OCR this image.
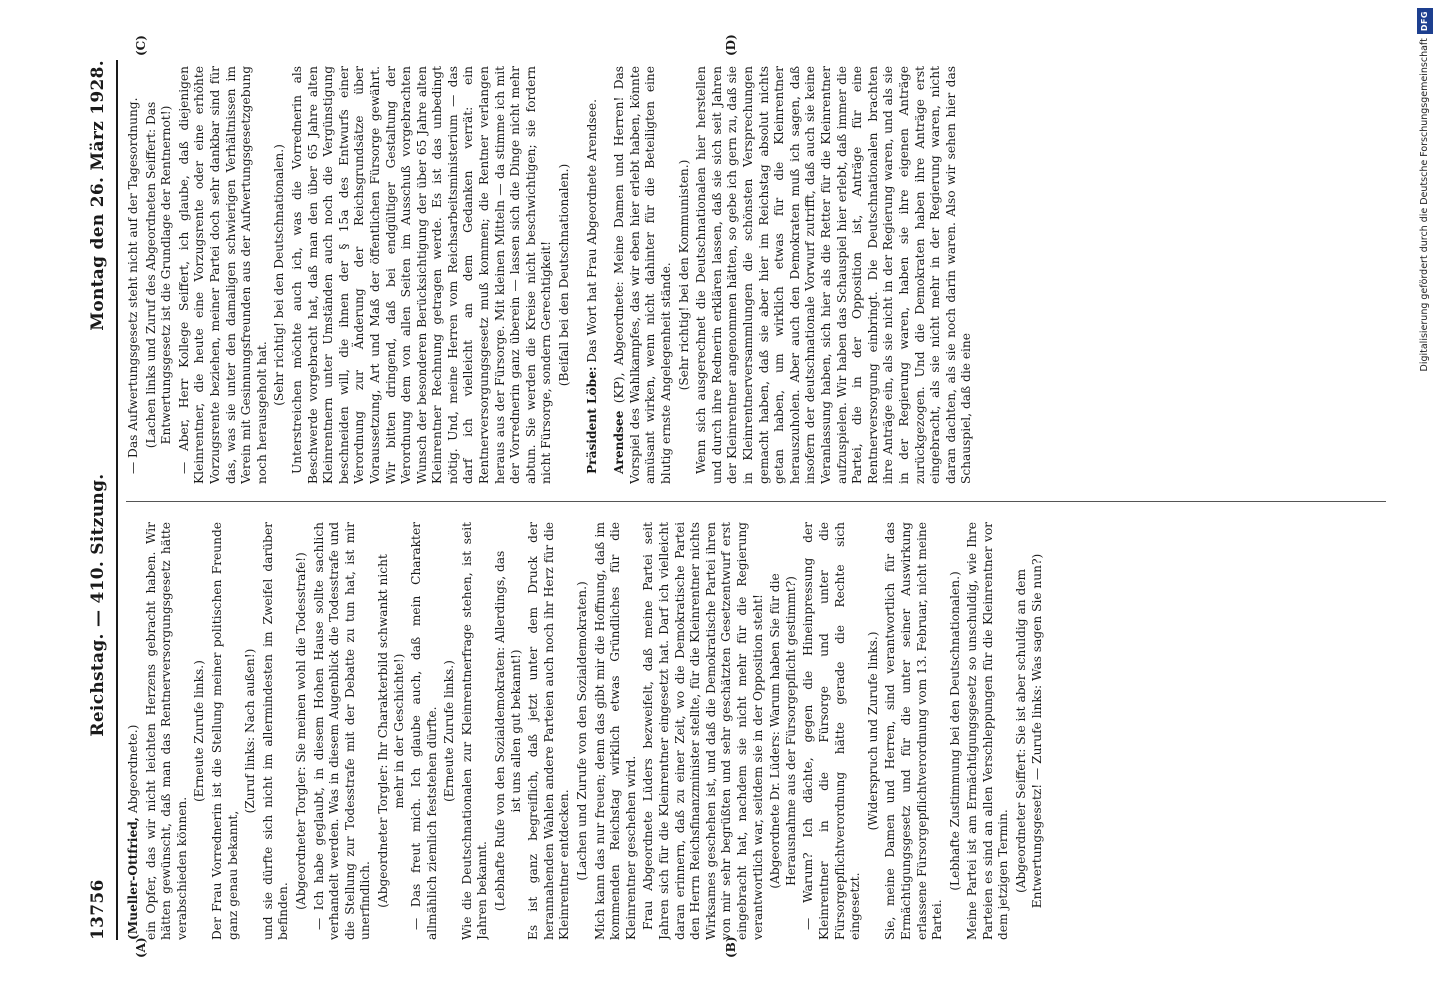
13756
Reichstag. — 410. Sitzung.
Montag den 26. März 1928.
(A)	(B)
(C)	(D)

(Mueller-Ottfried, Abgeordnete.) ein Opfer, das wir nicht leichten Herzens gebracht haben. Wir hätten gewünscht, daß man das Rentnerversorgungsgesetz hätte verabschieden können.

(Erneute Zurufe links.) Der Frau Vorrednerin ist die Stellung meiner politischen Freunde ganz genau bekannt,

(Zuruf links: Nach außen!) und sie dürfte sich nicht im allermindesten im Zweifel darüber befinden.

(Abgeordneter Torgler: Sie meinen wohl die Todesstrafe!) — Ich habe geglaubt, in diesem Hohen Hause sollte sachlich verhandelt werden. Was in diesem Augenblick die Todesstrafe und die Stellung zur Todesstrafe mit der Debatte zu tun hat, ist mir unerfindlich. (Abgeordneter Torgler: Ihr Charakterbild schwankt nicht mehr in der Geschichte!) — Das freut mich. Ich glaube auch, daß mein Charakter allmählich ziemlich feststehen dürfte. (Erneute Zurufe links.) Wie die Deutschnationalen zur Kleinrentnerfrage stehen, ist seit Jahren bekannt. (Lebhafte Rufe von den Sozialdemokraten: Allerdings, das ist uns allen gut bekannt!) Es ist ganz begreiflich, daß jetzt unter dem Druck der herannahenden Wahlen andere Parteien auch noch ihr Herz für die Kleinrentner entdecken. (Lachen und Zurufe von den Sozialdemokraten.) Mich kann das nur freuen; denn das gibt mir die Hoffnung, daß im kommenden Reichstag wirklich etwas Gründliches für die Kleinrentner geschehen wird. Frau Abgeordnete Lüders bezweifelt, daß meine Partei seit Jahren sich für die Kleinrentner eingesetzt hat. Darf ich vielleicht daran erinnern, daß zu einer Zeit, wo die Demokratische Partei den Herrn Reichsfinanzminister stellte, für die Kleinrentner nichts Wirksames geschehen ist, und daß die Demokratische Partei ihren von mir sehr begrüßten und sehr geschätzten Gesetzentwurf erst eingebracht hat, nachdem sie nicht mehr für die Regierung verantwortlich war, seitdem sie in der Opposition steht! (Abgeordnete Dr. Lüders: Warum haben Sie für die Herausnahme aus der Fürsorgepflicht gestimmt?) — Warum? Ich dächte, gegen die Hineinpressung der Kleinrentner in die Fürsorge und unter die Fürsorgepflichtverordnung hätte gerade die Rechte sich eingesetzt.

(Widerspruch und Zurufe links.) Sie, meine Damen und Herren, sind verantwortlich für das Ermächtigungsgesetz und für die unter seiner Auswirkung erlassene Fürsorgepflichtverordnung vom 13. Februar, nicht meine Partei.

(Lebhafte Zustimmung bei den Deutschnationalen.) Meine Partei ist am Ermächtigungsgesetz so unschuldig, wie Ihre Parteien es sind an allen Verschleppungen für die Kleinrentner vor dem jetzigen Termin. (Abgeordneter Seiffert: Sie ist aber schuldig an dem Entwertungsgesetz! — Zurufe links: Was sagen Sie nun?)

— Das Aufwertungsgesetz steht nicht auf der Tagesordnung. (Lachen links und Zuruf des Abgeordneten Seiffert: Das Entwertungsgesetz ist die Grundlage der Rentnernot!) — Aber, Herr Kollege Seiffert, ich glaube, daß diejenigen Kleinrentner, die heute eine Vorzugsrente oder eine erhöhte Vorzugsrente beziehen, meiner Partei doch sehr dankbar sind für das, was sie unter den damaligen schwierigen Verhältnissen im Verein mit Gesinnungsfreunden aus der Aufwertungsgesetzgebung noch herausgeholt hat.

(Sehr richtig! bei den Deutschnationalen.) Unterstreichen möchte auch ich, was die Vorrednerin als Beschwerde vorgebracht hat, daß man den über 65 Jahre alten Kleinrentnern unter Umständen auch noch die Vergünstigung beschneiden will, die ihnen der § 15a des Entwurfs einer Verordnung zur Änderung der Reichsgrundsätze über Voraussetzung, Art und Maß der öffentlichen Fürsorge gewährt. Wir bitten dringend, daß bei endgültiger Gestaltung der Verordnung dem von allen Seiten im Ausschuß vorgebrachten Wunsch der besonderen Berücksichtigung der über 65 Jahre alten Kleinrentner Rechnung getragen werde. Es ist das unbedingt nötig. Und, meine Herren vom Reichsarbeitsministerium — das darf ich vielleicht an dem Gedanken verrät: ein Rentnerversorgungsgesetz muß kommen; die Rentner verlangen heraus aus der Fürsorge. Mit kleinen Mitteln — da stimme ich mit der Vorrednerin ganz überein — lassen sich die Dinge nicht mehr abtun. Sie werden die Kreise nicht beschwichtigen; sie fordern nicht Fürsorge, sondern Gerechtigkeit! (Beifall bei den Deutschnationalen.)

Präsident Löbe: Das Wort hat Frau Abgeordnete Arendsee.

Arendsee (KP), Abgeordnete: Meine Damen und Herren! Das Vorspiel des Wahlkampfes, das wir eben hier erlebt haben, könnte amüsant wirken, wenn nicht dahinter für die Beteiligten eine blutig ernste Angelegenheit stände. (Sehr richtig! bei den Kommunisten.) Wenn sich ausgerechnet die Deutschnationalen hier herstellen und durch ihre Rednerin erklären lassen, daß sie sich seit Jahren der Kleinrentner angenommen hätten, so gebe ich gern zu, daß sie in Kleinrentnerversammlungen die schönsten Versprechungen gemacht haben, daß sie aber hier im Reichstag absolut nichts getan haben, um wirklich etwas für die Kleinrentner herauszuholen. Aber auch den Demokraten muß ich sagen, daß insofern der deutschnationale Vorwurf zutrifft, daß auch sie keine Veranlassung haben, sich hier als die Retter für die Kleinrentner aufzuspielen. Wir haben das Schauspiel hier erlebt, daß immer die Partei, die in der Opposition ist, Anträge für eine Rentnerversorgung einbringt. Die Deutschnationalen brachten ihre Anträge ein, als sie nicht in der Regierung waren, und als sie in der Regierung waren, haben sie ihre eigenen Anträge zurückgezogen. Und die Demokraten haben ihre Anträge erst eingebracht, als sie nicht mehr in der Regierung waren, nicht daran dachten, als sie noch darin waren. Also wir sehen hier das Schauspiel, daß die eine

Digitalisierung gefördert durch die Deutsche Forschungsgemeinschaft
DFG
